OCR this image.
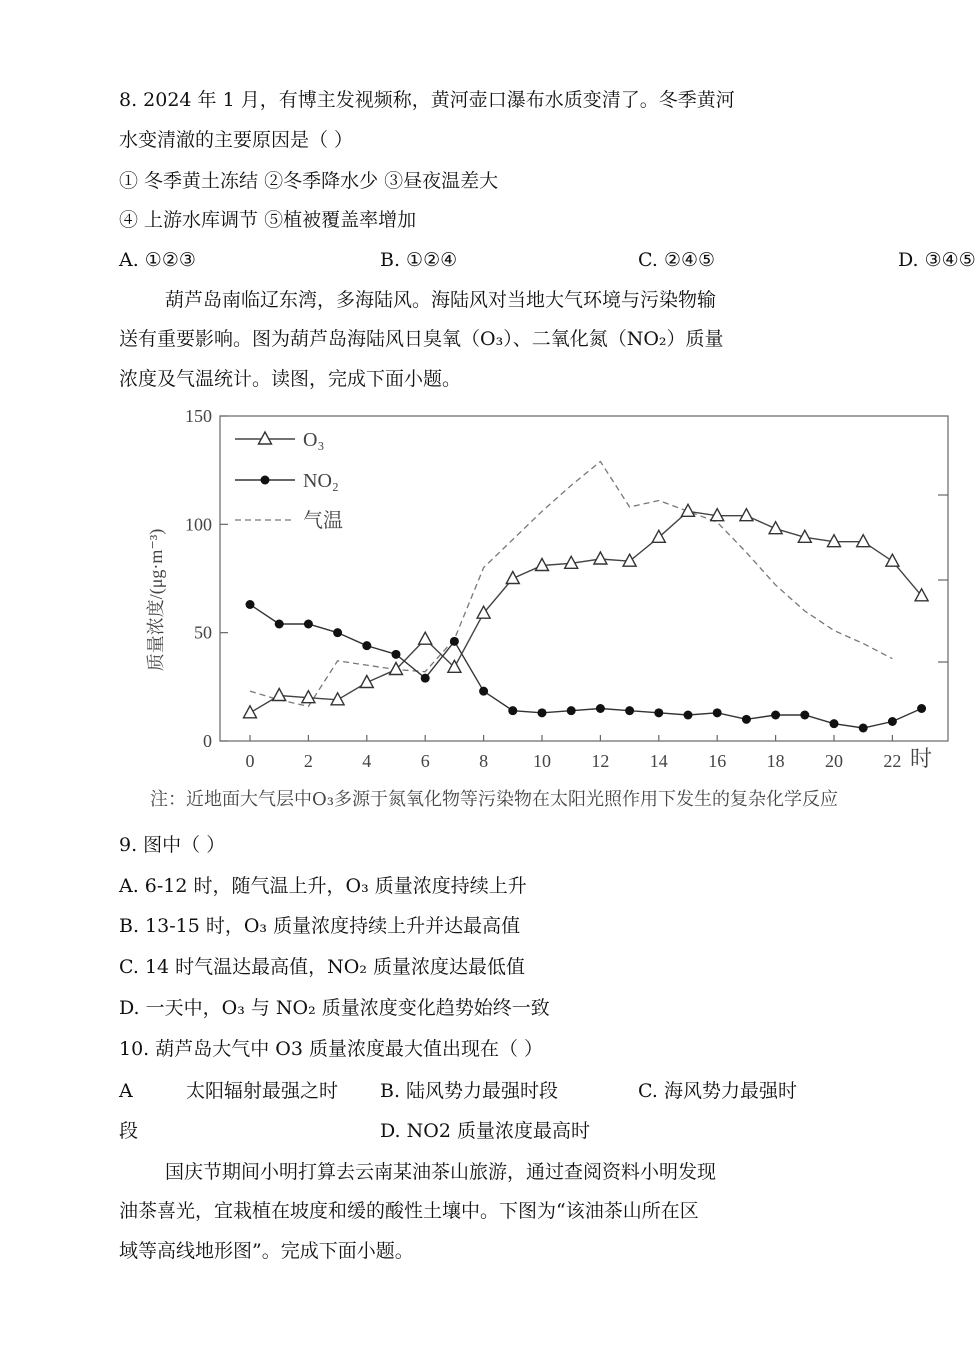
8. 2024 年 1 月，有博主发视频称，黄河壶口瀑布水质变清了。冬季黄河
水变清澈的主要原因是（ ）
① 冬季黄土冻结 ②冬季降水少 ③昼夜温差大
④ 上游水库调节 ⑤植被覆盖率增加
A. ①②③	B. ①②④	C. ②④⑤	D. ③④⑤
葫芦岛南临辽东湾，多海陆风。海陆风对当地大气环境与污染物输
送有重要影响。图为葫芦岛海陆风日臭氧（O₃）、二氧化氮（NO₂）质量
浓度及气温统计。读图，完成下面小题。
0
50
100
150
0	2	4	6	8 10 12 14 16 18 20 22
O₃
NO₂
气温
质量浓度/(μg·m⁻³)
时
注：近地面大气层中O₃多源于氮氧化物等污染物在太阳光照作用下发生的复杂化学反应
9. 图中（ ）
A. 6-12 时，随气温上升，O₃ 质量浓度持续上升
B. 13-15 时，O₃ 质量浓度持续上升并达最高值
C. 14 时气温达最高值，NO₂ 质量浓度达最低值
D. 一天中，O₃ 与 NO₂ 质量浓度变化趋势始终一致
10. 葫芦岛大气中 O3 质量浓度最大值出现在（ ）
A	太阳辐射最强之时 B. 陆风势力最强时段	C. 海风势力最强时
段	D. NO2 质量浓度最高时
国庆节期间小明打算去云南某油茶山旅游，通过查阅资料小明发现
油茶喜光，宜栽植在坡度和缓的酸性土壤中。下图为“该油茶山所在区
域等高线地形图”。完成下面小题。
